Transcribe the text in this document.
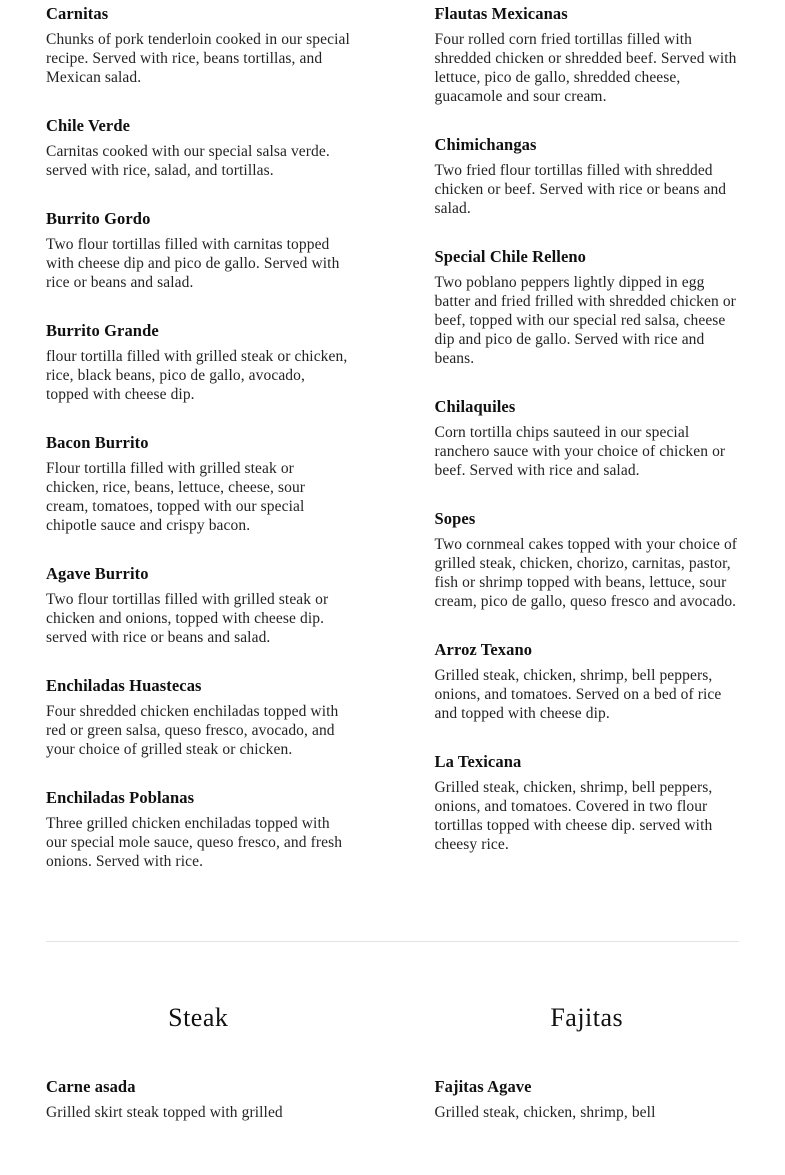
Carnitas

Chunks of pork tenderloin cooked in our special recipe. Served with rice, beans tortillas, and Mexican salad.

Chile Verde

Carnitas cooked with our special salsa verde. served with rice, salad, and tortillas.

Burrito Gordo

Two flour tortillas filled with carnitas topped with cheese dip and pico de gallo. Served with rice or beans and salad.

Burrito Grande

flour tortilla filled with grilled steak or chicken, rice, black beans, pico de gallo, avocado, topped with cheese dip.

Bacon Burrito

Flour tortilla filled with grilled steak or chicken, rice, beans, lettuce, cheese, sour cream, tomatoes, topped with our special chipotle sauce and crispy bacon.

Agave Burrito

Two flour tortillas filled with grilled steak or chicken and onions, topped with cheese dip. served with rice or beans and salad.

Enchiladas Huastecas

Four shredded chicken enchiladas topped with red or green salsa, queso fresco, avocado, and your choice of grilled steak or chicken.

Enchiladas Poblanas

Three grilled chicken enchiladas topped with our special mole sauce, queso fresco, and fresh onions. Served with rice.

Flautas Mexicanas

Four rolled corn fried tortillas filled with shredded chicken or shredded beef. Served with lettuce, pico de gallo, shredded cheese, guacamole and sour cream.

Chimichangas

Two fried flour tortillas filled with shredded chicken or beef. Served with rice or beans and salad.

Special Chile Relleno

Two poblano peppers lightly dipped in egg batter and fried frilled with shredded chicken or beef, topped with our special red salsa, cheese dip and pico de gallo. Served with rice and beans.

Chilaquiles

Corn tortilla chips sauteed in our special ranchero sauce with your choice of chicken or beef. Served with rice and salad.

Sopes

Two cornmeal cakes topped with your choice of grilled steak, chicken, chorizo, carnitas, pastor, fish or shrimp topped with beans, lettuce, sour cream, pico de gallo, queso fresco and avocado.

Arroz Texano

Grilled steak, chicken, shrimp, bell peppers, onions, and tomatoes. Served on a bed of rice and topped with cheese dip.

La Texicana

Grilled steak, chicken, shrimp, bell peppers, onions, and tomatoes. Covered in two flour tortillas topped with cheese dip. served with cheesy rice.

Steak
Carne asada

Grilled skirt steak topped with grilled

Fajitas
Fajitas Agave

Grilled steak, chicken, shrimp, bell
